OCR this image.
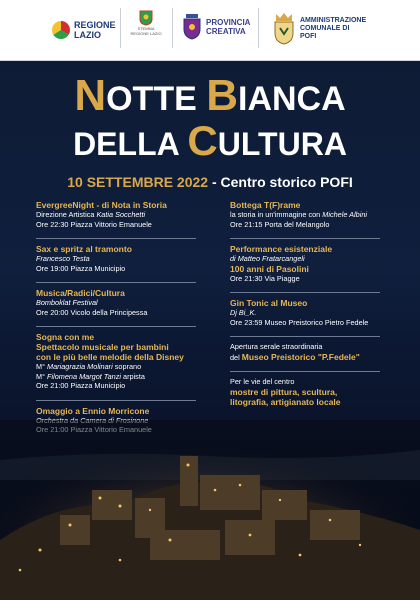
REGIONE LAZIO
STEMMA REGIONE LAZIO
PROVINCIA CREATIVA
AMMINISTRAZIONE COMUNALE DI POFI
NOTTE BIANCA
DELLA CULTURA
10 SETTEMBRE 2022 - Centro storico POFI
EvergreeNight - di Nota in Storia
Direzione Artistica Katia Socchetti
Ore 22:30 Piazza Vittorio Emanuele
Sax e spritz al tramonto
Francesco Testa
Ore 19:00 Piazza Municipio
Musica/Radici/Cultura
Bomboklat Festival
Ore 20:00 Vicolo della Principessa
Sogna con me
Spettacolo musicale per bambini
con le più belle melodie della Disney
M° Mariagrazia Molinari soprano
M° Filomena Margot Tanzi arpista
Ore 21:00 Piazza Municipio
Omaggio a Ennio Morricone
Bottega T(F)rame
la storia in un'immagine con Michele Albini
Ore 21:15 Porta del Melangolo
Performance esistenziale
di Matteo Fratarcangeli
100 anni di Pasolini
Ore 21:30 Via Piagge
Gin Tonic al Museo
Dj Bi_K.
Ore 23:59 Museo Preistorico Pietro Fedele
Apertura serale straordinaria
del Museo Preistorico "P.Fedele"
Per le vie del centro
mostre di pittura, scultura,
litografia, artigianato locale
